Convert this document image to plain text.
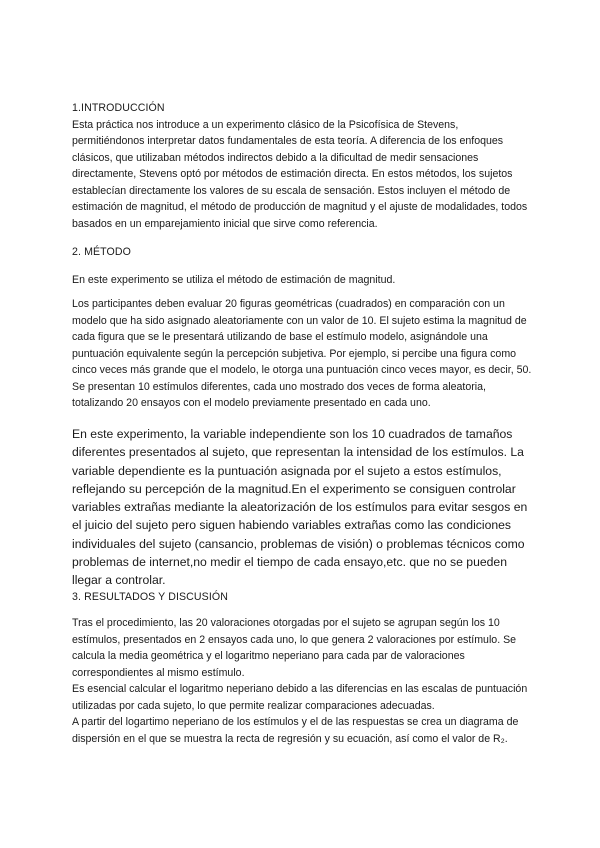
1.INTRODUCCIÓN

Esta práctica nos introduce a un experimento clásico de la Psicofísica de Stevens, permitiéndonos interpretar datos fundamentales de esta teoría. A diferencia de los enfoques clásicos, que utilizaban métodos indirectos debido a la dificultad de medir sensaciones directamente, Stevens optó por métodos de estimación directa. En estos métodos, los sujetos establecían directamente los valores de su escala de sensación. Estos incluyen el método de estimación de magnitud, el método de producción de magnitud y el ajuste de modalidades, todos basados en un emparejamiento inicial que sirve como referencia.

2. MÉTODO

En este experimento se utiliza el método de estimación de magnitud.

Los participantes deben evaluar 20 figuras geométricas (cuadrados) en comparación con un modelo que ha sido asignado aleatoriamente con un valor de 10. El sujeto estima la magnitud de cada figura que se le presentará utilizando de base el estímulo modelo, asignándole una puntuación equivalente según la percepción subjetiva. Por ejemplo, si percibe una figura como cinco veces más grande que el modelo, le otorga una puntuación cinco veces mayor, es decir, 50. Se presentan 10 estímulos diferentes, cada uno mostrado dos veces de forma aleatoria, totalizando 20 ensayos con el modelo previamente presentado en cada uno.

En este experimento, la variable independiente son los 10 cuadrados de tamaños diferentes presentados al sujeto, que representan la intensidad de los estímulos. La variable dependiente es la puntuación asignada por el sujeto a estos estímulos, reflejando su percepción de la magnitud.En el experimento se consiguen controlar variables extrañas mediante la aleatorización de los estímulos para evitar sesgos en el juicio del sujeto pero siguen habiendo variables extrañas como las condiciones individuales del sujeto (cansancio, problemas de visión) o problemas técnicos como problemas de internet,no medir el tiempo de cada ensayo,etc. que no se pueden llegar a controlar.

3. RESULTADOS Y DISCUSIÓN

Tras el procedimiento, las 20 valoraciones otorgadas por el sujeto se agrupan según los 10 estímulos, presentados en 2 ensayos cada uno, lo que genera 2 valoraciones por estímulo. Se calcula la media geométrica y el logaritmo neperiano para cada par de valoraciones correspondientes al mismo estímulo.

Es esencial calcular el logaritmo neperiano debido a las diferencias en las escalas de puntuación utilizadas por cada sujeto, lo que permite realizar comparaciones adecuadas.

A partir del logartimo neperiano de los estímulos y el de las respuestas se crea un diagrama de dispersión en el que se muestra la recta de regresión y su ecuación, así como el valor de R₂.
